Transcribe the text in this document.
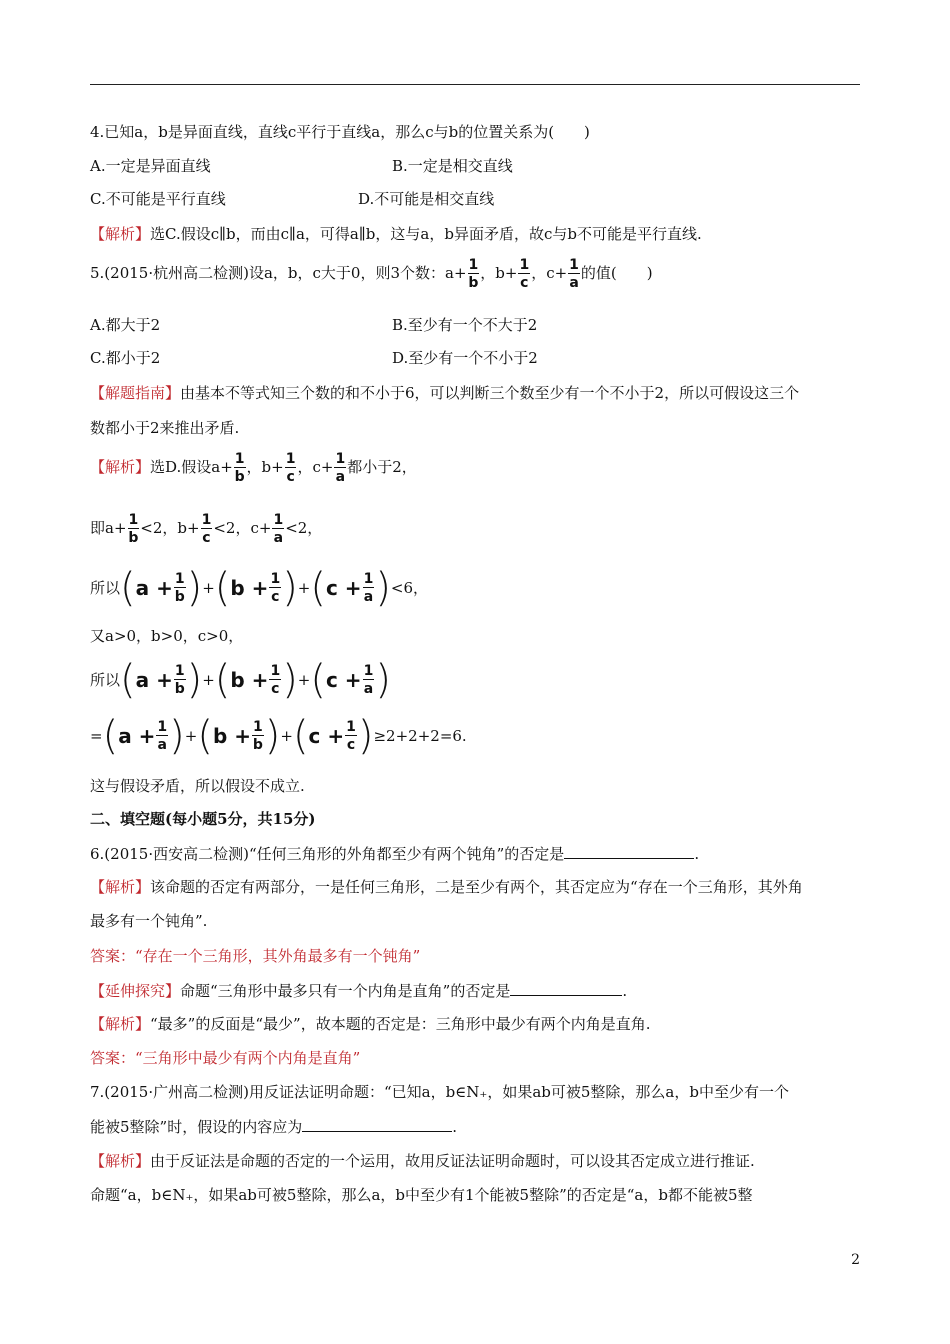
4.已知a，b是异面直线，直线c平行于直线a，那么c与b的位置关系为(　　)
A.一定是异面直线	B.一定是相交直线
C.不可能是平行直线	D.不可能是相交直线
【解析】选C.假设c∥b，而由c∥a，可得a∥b，这与a，b异面矛盾，故c与b不可能是平行直线.
5.(2015·杭州高二检测)设a，b，c大于0，则3个数：$a+ \frac{1}{b}$ ，$b+ \frac{1}{c}$ ，$c+ \frac{1}{a}$ 的值(　　)
A.都大于2	B.至少有一个不大于2
C.都小于2	D.至少有一个不小于2
【解题指南】由基本不等式知三个数的和不小于6，可以判断三个数至少有一个不小于2，所以可假设这三个
数都小于2来推出矛盾.
【解析】选D.假设$a+ \frac{1}{b}$ ，$b+ \frac{1}{c}$ ，$c+ \frac{1}{a}$ 都小于2，
即$a+ \frac{1}{b} <2$，$b+ \frac{1}{c} <2$，$c+ \frac{1}{a} <2$，
所以 ( $a + \frac{1}{b}$ ) + ( $b + \frac{1}{c}$ ) + ( $c + \frac{1}{a}$ ) <6，
又a>0，b>0，c>0，
所以 ( $a + \frac{1}{b}$ ) + ( $b + \frac{1}{c}$ ) + ( $c + \frac{1}{a}$ )
= ( $a + \frac{1}{a}$ ) + ( $b + \frac{1}{b}$ ) + ( $c + \frac{1}{c}$ ) ≥2+2+2=6.
这与假设矛盾，所以假设不成立.
二、填空题(每小题5分，共15分)
6.(2015·西安高二检测)“任何三角形的外角都至少有两个钝角”的否定是	.
【解析】该命题的否定有两部分，一是任何三角形，二是至少有两个，其否定应为“存在一个三角形，其外角
最多有一个钝角”.
答案：“存在一个三角形，其外角最多有一个钝角”
【延伸探究】命题“三角形中最多只有一个内角是直角”的否定是	.
【解析】“最多”的反面是“最少”，故本题的否定是：三角形中最少有两个内角是直角.
答案：“三角形中最少有两个内角是直角”
7.(2015·广州高二检测)用反证法证明命题：“已知a，b∈N₊，如果ab可被5整除，那么a，b中至少有一个
能被5整除”时，假设的内容应为	.
【解析】由于反证法是命题的否定的一个运用，故用反证法证明命题时，可以设其否定成立进行推证.
命题“a，b∈N₊，如果ab可被5整除，那么a，b中至少有1个能被5整除”的否定是“a，b都不能被5整
2
